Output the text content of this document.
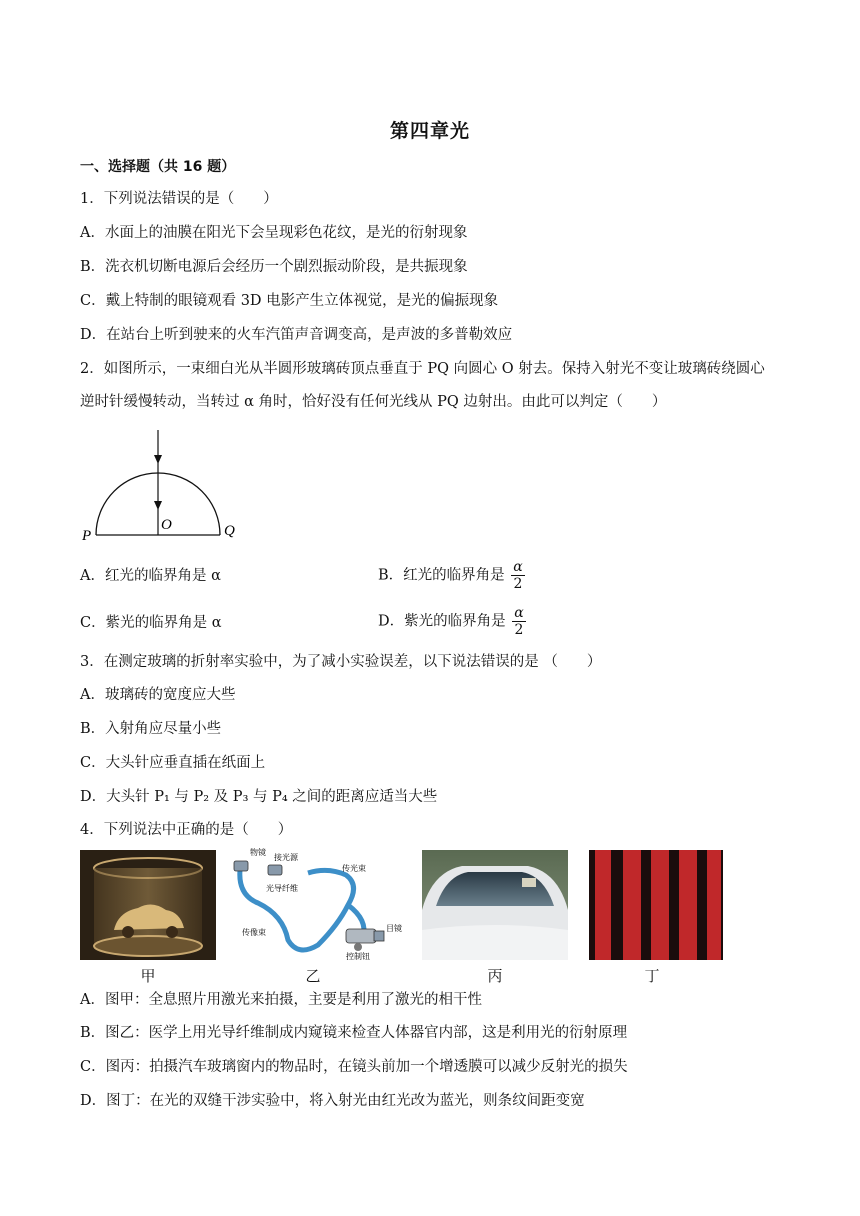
第四章光
一、选择题（共 16 题）
1．下列说法错误的是（　　）
A．水面上的油膜在阳光下会呈现彩色花纹，是光的衍射现象
B．洗衣机切断电源后会经历一个剧烈振动阶段，是共振现象
C．戴上特制的眼镜观看 3D 电影产生立体视觉，是光的偏振现象
D．在站台上听到驶来的火车汽笛声音调变高，是声波的多普勒效应
2．如图所示，一束细白光从半圆形玻璃砖顶点垂直于 PQ 向圆心 O 射去。保持入射光不变让玻璃砖绕圆心
逆时针缓慢转动，当转过 α 角时，恰好没有任何光线从 PQ 边射出。由此可以判定（　　）
P
O	Q
A．红光的临界角是 α	B．红光的临界角是 $\frac{\alpha}{2}$
C．紫光的临界角是 α	D．紫光的临界角是 $\frac{\alpha}{2}$
3．在测定玻璃的折射率实验中，为了减小实验误差，以下说法错误的是 （　　）
A．玻璃砖的宽度应大些
B．入射角应尽量小些
C．大头针应垂直插在纸面上
D．大头针 P₁ 与 P₂ 及 P₃ 与 P₄ 之间的距离应适当大些
4．下列说法中正确的是（　　）
物镜
接光源
传光束
光导纤维
传像束	目镜
控制钮
甲	乙	丙	丁
A．图甲：全息照片用激光来拍摄，主要是利用了激光的相干性
B．图乙：医学上用光导纤维制成内窥镜来检查人体器官内部，这是利用光的衍射原理
C．图丙：拍摄汽车玻璃窗内的物品时，在镜头前加一个增透膜可以减少反射光的损失
D．图丁：在光的双缝干涉实验中，将入射光由红光改为蓝光，则条纹间距变宽
